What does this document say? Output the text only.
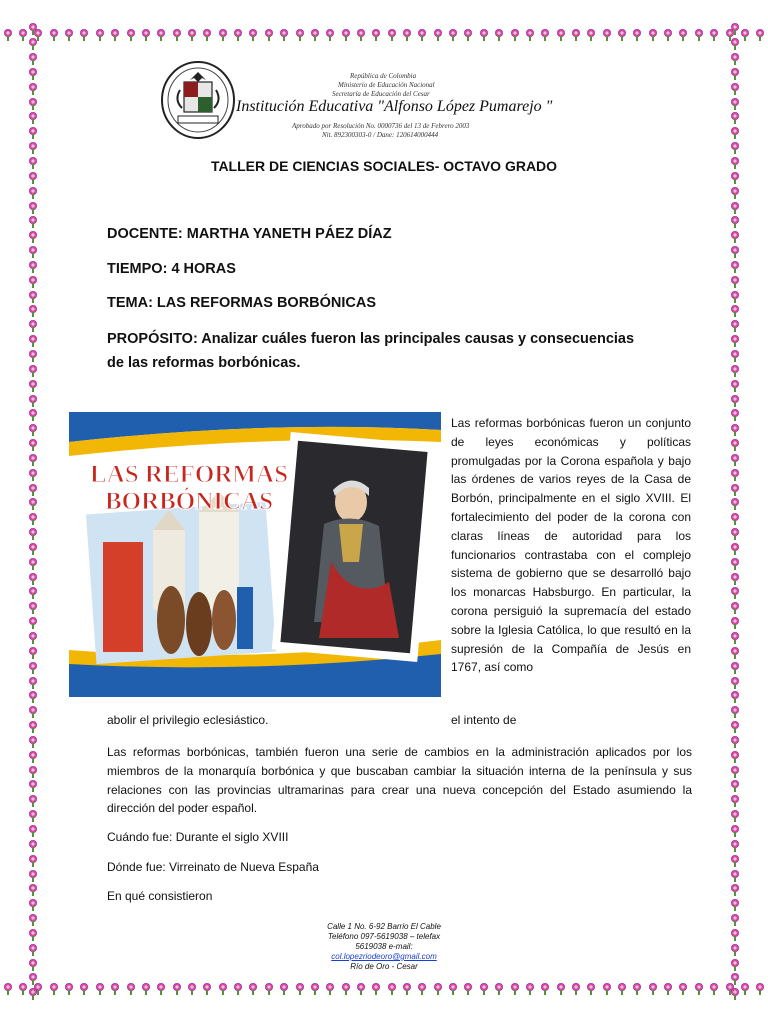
República de Colombia
Ministerio de Educación Nacional
Secretaría de Educación del Cesar
Institución Educativa "Alfonso López Pumarejo "
Aprobado por Resolución No. 0000736 del 13 de Febrero 2003
Nit. 892300303-0 / Dane: 120614000444
TALLER DE CIENCIAS SOCIALES- OCTAVO GRADO
DOCENTE: MARTHA YANETH PÁEZ DÍAZ
TIEMPO: 4 HORAS
TEMA: LAS REFORMAS BORBÓNICAS
PROPÓSITO: Analizar cuáles fueron las principales causas y consecuencias de las reformas borbónicas.
LAS REFORMAS
BORBÓNICAS
Las reformas borbónicas fueron un conjunto de leyes económicas y políticas promulgadas por la Corona española y bajo las órdenes de varios reyes de la Casa de Borbón, principalmente en el siglo XVIII. El fortalecimiento del poder de la corona con claras líneas de autoridad para los funcionarios contrastaba con el complejo sistema de gobierno que se desarrolló bajo los monarcas Habsburgo. En particular, la corona persiguió la supremacía del estado sobre la Iglesia Católica, lo que resultó en la supresión de la Compañía de Jesús en 1767, así como
abolir el privilegio eclesiástico.	el intento de
Las reformas borbónicas, también fueron una serie de cambios en la administración aplicados por los miembros de la monarquía borbónica y que buscaban cambiar la situación interna de la península y sus relaciones con las provincias ultramarinas para crear una nueva concepción del Estado asumiendo la dirección del poder español.
Cuándo fue: Durante el siglo XVIII
Dónde fue: Virreinato de Nueva España
En qué consistieron
Calle 1 No. 6-92 Barrio El Cable
Teléfono 097-5619038 – telefax
5619038 e-mail:
col.lopezriodeoro@gmail.com
Río de Oro - Cesar
